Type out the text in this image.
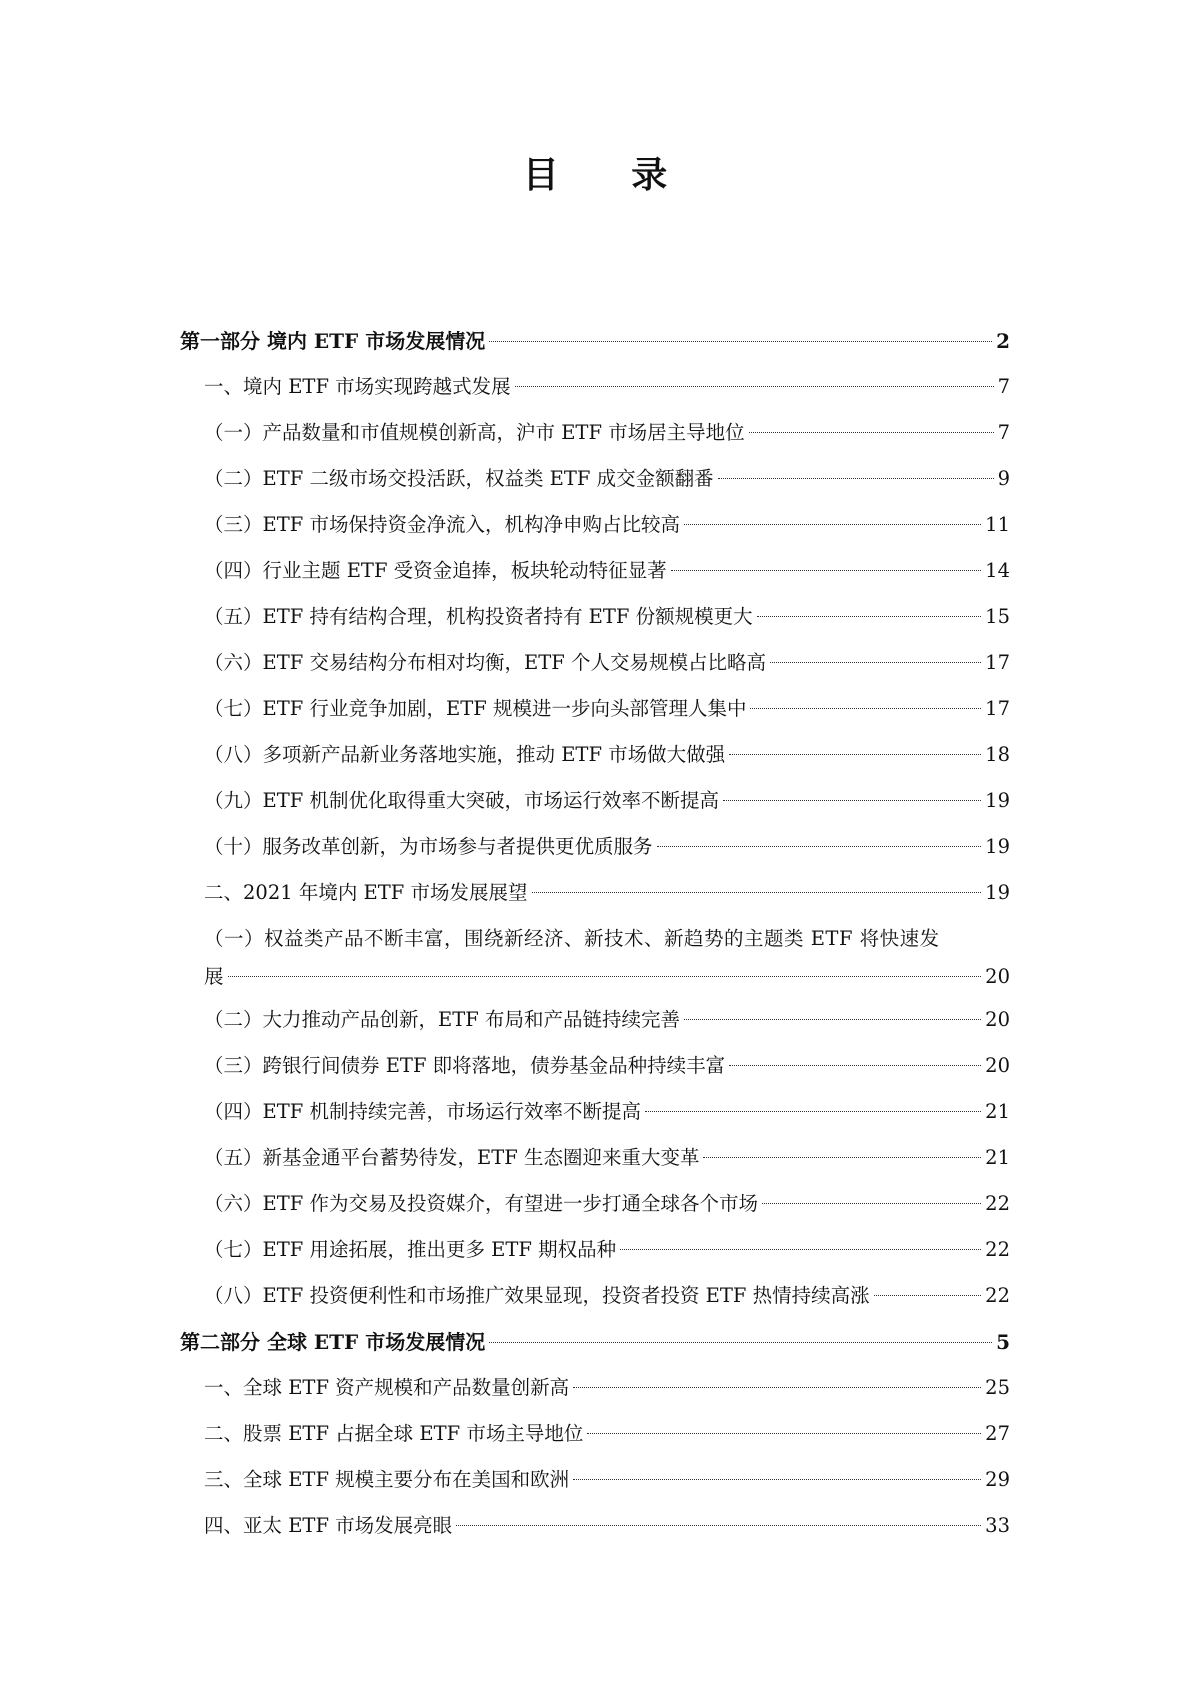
目 录
第一部分 境内 ETF 市场发展情况	2
一、境内 ETF 市场实现跨越式发展	7
（一）产品数量和市值规模创新高，沪市 ETF 市场居主导地位	7
（二）ETF 二级市场交投活跃，权益类 ETF 成交金额翻番	9
（三）ETF 市场保持资金净流入，机构净申购占比较高	11
（四）行业主题 ETF 受资金追捧，板块轮动特征显著	14
（五）ETF 持有结构合理，机构投资者持有 ETF 份额规模更大	15
（六）ETF 交易结构分布相对均衡，ETF 个人交易规模占比略高	17
（七）ETF 行业竞争加剧，ETF 规模进一步向头部管理人集中	17
（八）多项新产品新业务落地实施，推动 ETF 市场做大做强	18
（九）ETF 机制优化取得重大突破，市场运行效率不断提高	19
（十）服务改革创新，为市场参与者提供更优质服务	19
二、2021 年境内 ETF 市场发展展望	19
（一）权益类产品不断丰富，围绕新经济、新技术、新趋势的主题类 ETF 将快速发
展	20
（二）大力推动产品创新，ETF 布局和产品链持续完善	20
（三）跨银行间债券 ETF 即将落地，债券基金品种持续丰富	20
（四）ETF 机制持续完善，市场运行效率不断提高	21
（五）新基金通平台蓄势待发，ETF 生态圈迎来重大变革	21
（六）ETF 作为交易及投资媒介，有望进一步打通全球各个市场	22
（七）ETF 用途拓展，推出更多 ETF 期权品种	22
（八）ETF 投资便利性和市场推广效果显现，投资者投资 ETF 热情持续高涨	22
第二部分 全球 ETF 市场发展情况	5
一、全球 ETF 资产规模和产品数量创新高	25
二、股票 ETF 占据全球 ETF 市场主导地位	27
三、全球 ETF 规模主要分布在美国和欧洲	29
四、亚太 ETF 市场发展亮眼	33
